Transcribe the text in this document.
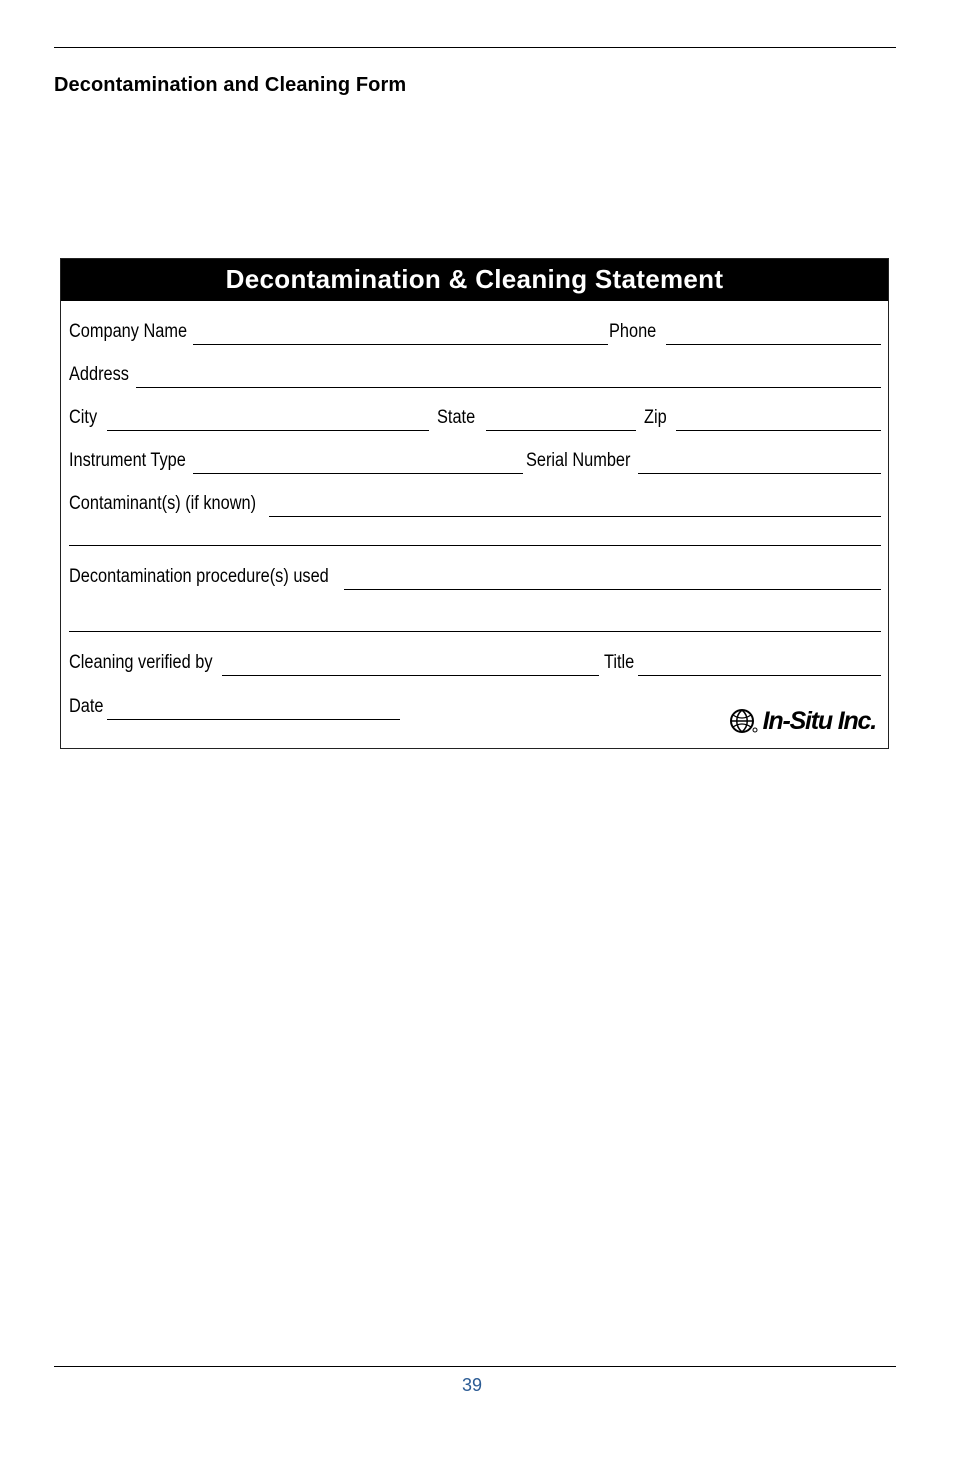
Decontamination and Cleaning Form
Decontamination & Cleaning Statement
Company Name	Phone
Address
City	State	Zip
Instrument Type	Serial Number
Contaminant(s) (if known)
Decontamination procedure(s) used
Cleaning verified by	Title
Date	In-Situ Inc.
39
